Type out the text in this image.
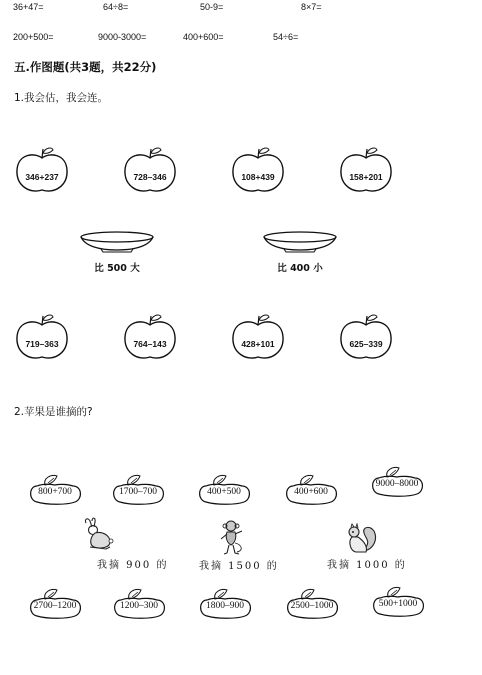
36+47=	64÷8=	50-9=	8×7=
200+500=	9000-3000=	400+600=	54÷6=
五.作图题(共3题，共22分)
1.我会估，我会连。
346+237	728–346	108+439	158+201
比 500 大	比 400 小
719–363	764–143	428+101	625–339
2.苹果是谁摘的?
800+700	1700–700	400+500	400+600
9000–8000
我摘 900 的	我摘 1500 的	我摘 1000 的
2700–1200	1200–300	1800–900	2500–1000	500+1000
